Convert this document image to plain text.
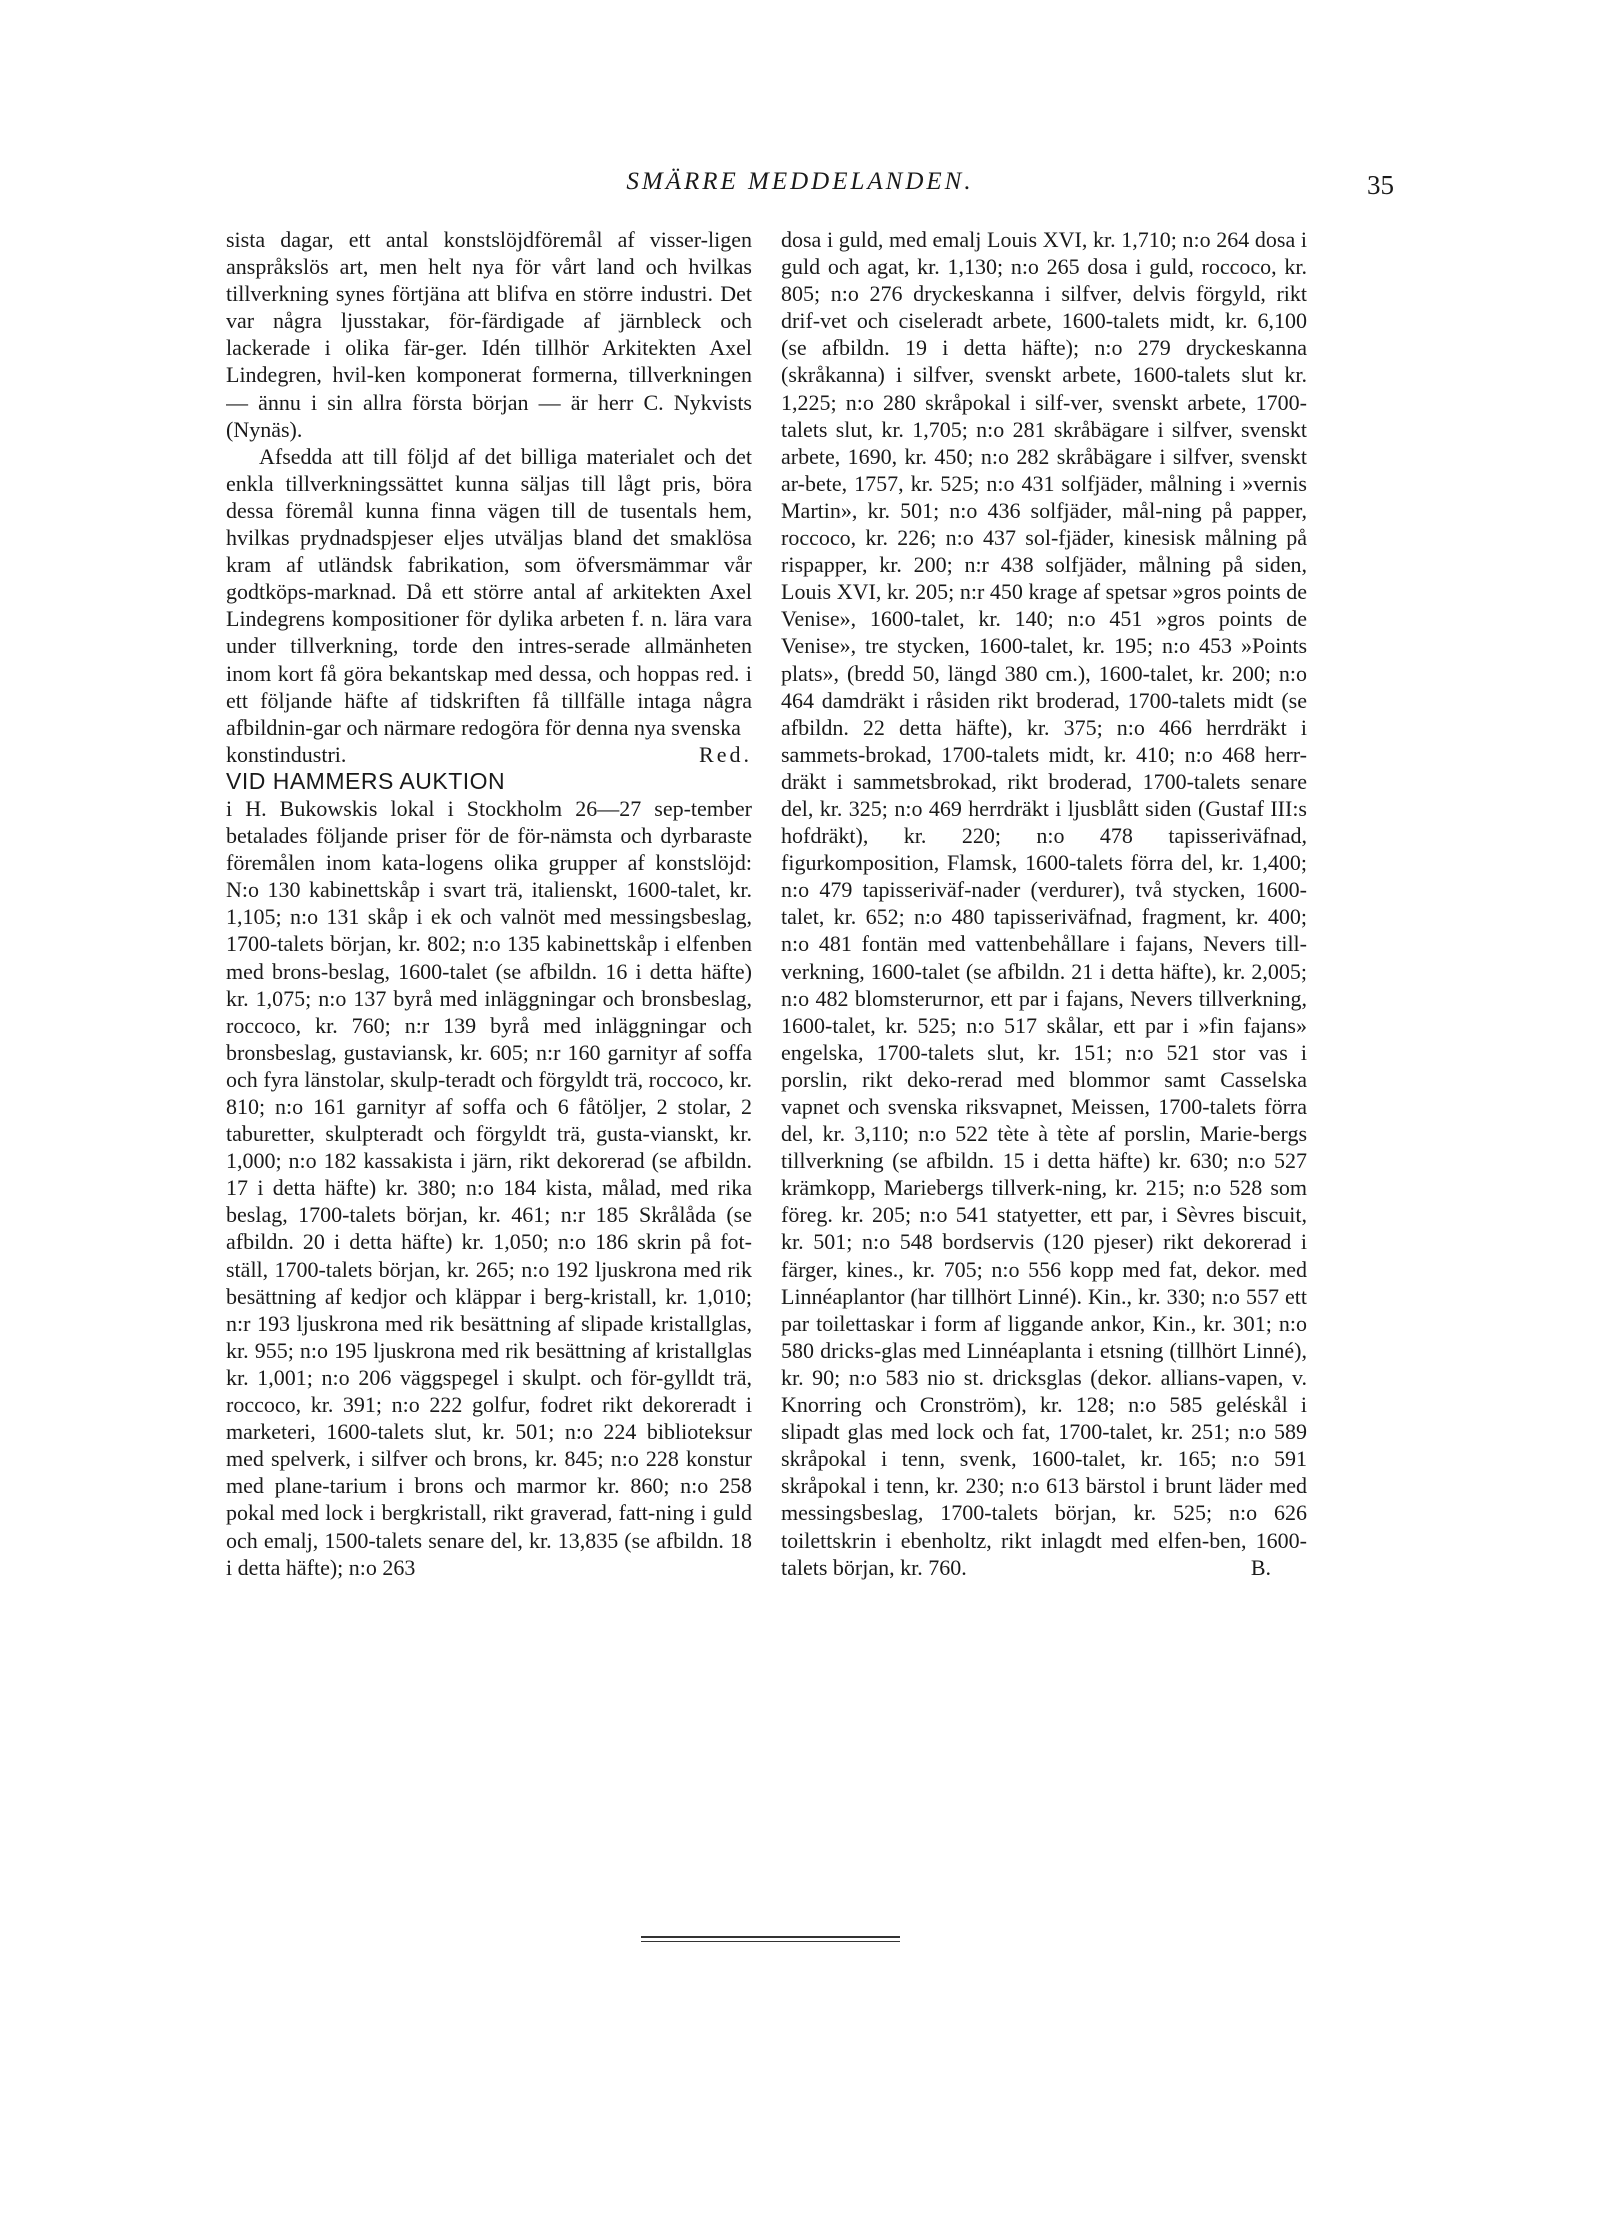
SMÄRRE MEDDELANDEN.	35

sista dagar, ett antal konstslöjdföremål af visser-ligen anspråkslös art, men helt nya för vårt land och hvilkas tillverkning synes förtjäna att blifva en större industri. Det var några ljusstakar, för-färdigade af järnbleck och lackerade i olika fär-ger. Idén tillhör Arkitekten Axel Lindegren, hvil-ken komponerat formerna, tillverkningen — ännu i sin allra första början — är herr C. Nykvists (Nynäs).

Afsedda att till följd af det billiga materialet och det enkla tillverkningssättet kunna säljas till lågt pris, böra dessa föremål kunna finna vägen till de tusentals hem, hvilkas prydnadspjeser eljes utväljas bland det smaklösa kram af utländsk fabrikation, som öfversmämmar vår godtköps-marknad. Då ett större antal af arkitekten Axel Lindegrens kompositioner för dylika arbeten f. n. lära vara under tillverkning, torde den intres-serade allmänheten inom kort få göra bekantskap med dessa, och hoppas red. i ett följande häfte af tidskriften få tillfälle intaga några afbildnin-gar och närmare redogöra för denna nya svenska

konstindustri.	Red.

VID HAMMERS AUKTION

i H. Bukowskis lokal i Stockholm 26—27 sep-tember betalades följande priser för de för-nämsta och dyrbaraste föremålen inom kata-logens olika grupper af konstslöjd: N:o 130 kabinettskåp i svart trä, italienskt, 1600-talet, kr. 1,105; n:o 131 skåp i ek och valnöt med messingsbeslag, 1700-talets början, kr. 802; n:o 135 kabinettskåp i elfenben med brons-beslag, 1600-talet (se afbildn. 16 i detta häfte) kr. 1,075; n:o 137 byrå med inläggningar och bronsbeslag, roccoco, kr. 760; n:r 139 byrå med inläggningar och bronsbeslag, gustaviansk, kr. 605; n:r 160 garnityr af soffa och fyra länstolar, skulp-teradt och förgyldt trä, roccoco, kr. 810; n:o 161 garnityr af soffa och 6 fåtöljer, 2 stolar, 2 taburetter, skulpteradt och förgyldt trä, gusta-vianskt, kr. 1,000; n:o 182 kassakista i järn, rikt dekorerad (se afbildn. 17 i detta häfte) kr. 380; n:o 184 kista, målad, med rika beslag, 1700-talets början, kr. 461; n:r 185 Skrålåda (se afbildn. 20 i detta häfte) kr. 1,050; n:o 186 skrin på fot-ställ, 1700-talets början, kr. 265; n:o 192 ljuskrona med rik besättning af kedjor och kläppar i berg-kristall, kr. 1,010; n:r 193 ljuskrona med rik besättning af slipade kristallglas, kr. 955; n:o 195 ljuskrona med rik besättning af kristallglas kr. 1,001; n:o 206 väggspegel i skulpt. och för-gylldt trä, roccoco, kr. 391; n:o 222 golfur, fodret rikt dekoreradt i marketeri, 1600-talets slut, kr. 501; n:o 224 biblioteksur med spelverk, i silfver och brons, kr. 845; n:o 228 konstur med plane-tarium i brons och marmor kr. 860; n:o 258 pokal med lock i bergkristall, rikt graverad, fatt-ning i guld och emalj, 1500-talets senare del, kr. 13,835 (se afbildn. 18 i detta häfte); n:o 263

dosa i guld, med emalj Louis XVI, kr. 1,710; n:o 264 dosa i guld och agat, kr. 1,130; n:o 265 dosa i guld, roccoco, kr. 805; n:o 276 dryckeskanna i silfver, delvis förgyld, rikt drif-vet och ciseleradt arbete, 1600-talets midt, kr. 6,100 (se afbildn. 19 i detta häfte); n:o 279 dryckeskanna (skråkanna) i silfver, svenskt arbete, 1600-talets slut kr. 1,225; n:o 280 skråpokal i silf-ver, svenskt arbete, 1700-talets slut, kr. 1,705; n:o 281 skråbägare i silfver, svenskt arbete, 1690, kr. 450; n:o 282 skråbägare i silfver, svenskt ar-bete, 1757, kr. 525; n:o 431 solfjäder, målning i »vernis Martin», kr. 501; n:o 436 solfjäder, mål-ning på papper, roccoco, kr. 226; n:o 437 sol-fjäder, kinesisk målning på rispapper, kr. 200; n:r 438 solfjäder, målning på siden, Louis XVI, kr. 205; n:r 450 krage af spetsar »gros points de Venise», 1600-talet, kr. 140; n:o 451 »gros points de Venise», tre stycken, 1600-talet, kr. 195; n:o 453 »Points plats», (bredd 50, längd 380 cm.), 1600-talet, kr. 200; n:o 464 damdräkt i råsiden rikt broderad, 1700-talets midt (se afbildn. 22 detta häfte), kr. 375; n:o 466 herrdräkt i sammets-brokad, 1700-talets midt, kr. 410; n:o 468 herr-dräkt i sammetsbrokad, rikt broderad, 1700-talets senare del, kr. 325; n:o 469 herrdräkt i ljusblått siden (Gustaf III:s hofdräkt), kr. 220; n:o 478 tapisseriväfnad, figurkomposition, Flamsk, 1600-talets förra del, kr. 1,400; n:o 479 tapisseriväf-nader (verdurer), två stycken, 1600-talet, kr. 652; n:o 480 tapisseriväfnad, fragment, kr. 400; n:o 481 fontän med vattenbehållare i fajans, Nevers till-verkning, 1600-talet (se afbildn. 21 i detta häfte), kr. 2,005; n:o 482 blomsterurnor, ett par i fajans, Nevers tillverkning, 1600-talet, kr. 525; n:o 517 skålar, ett par i »fin fajans» engelska, 1700-talets slut, kr. 151; n:o 521 stor vas i porslin, rikt deko-rerad med blommor samt Casselska vapnet och svenska riksvapnet, Meissen, 1700-talets förra del, kr. 3,110; n:o 522 tète à tète af porslin, Marie-bergs tillverkning (se afbildn. 15 i detta häfte) kr. 630; n:o 527 krämkopp, Mariebergs tillverk-ning, kr. 215; n:o 528 som föreg. kr. 205; n:o 541 statyetter, ett par, i Sèvres biscuit, kr. 501; n:o 548 bordservis (120 pjeser) rikt dekorerad i färger, kines., kr. 705; n:o 556 kopp med fat, dekor. med Linnéaplantor (har tillhört Linné). Kin., kr. 330; n:o 557 ett par toilettaskar i form af liggande ankor, Kin., kr. 301; n:o 580 dricks-glas med Linnéaplanta i etsning (tillhört Linné), kr. 90; n:o 583 nio st. dricksglas (dekor. allians-vapen, v. Knorring och Cronström), kr. 128; n:o 585 geléskål i slipadt glas med lock och fat, 1700-talet, kr. 251; n:o 589 skråpokal i tenn, svenk, 1600-talet, kr. 165; n:o 591 skråpokal i tenn, kr. 230; n:o 613 bärstol i brunt läder med messingsbeslag, 1700-talets början, kr. 525; n:o 626 toilettskrin i ebenholtz, rikt inlagdt med elfen-ben, 1600-talets början, kr. 760.	B.
